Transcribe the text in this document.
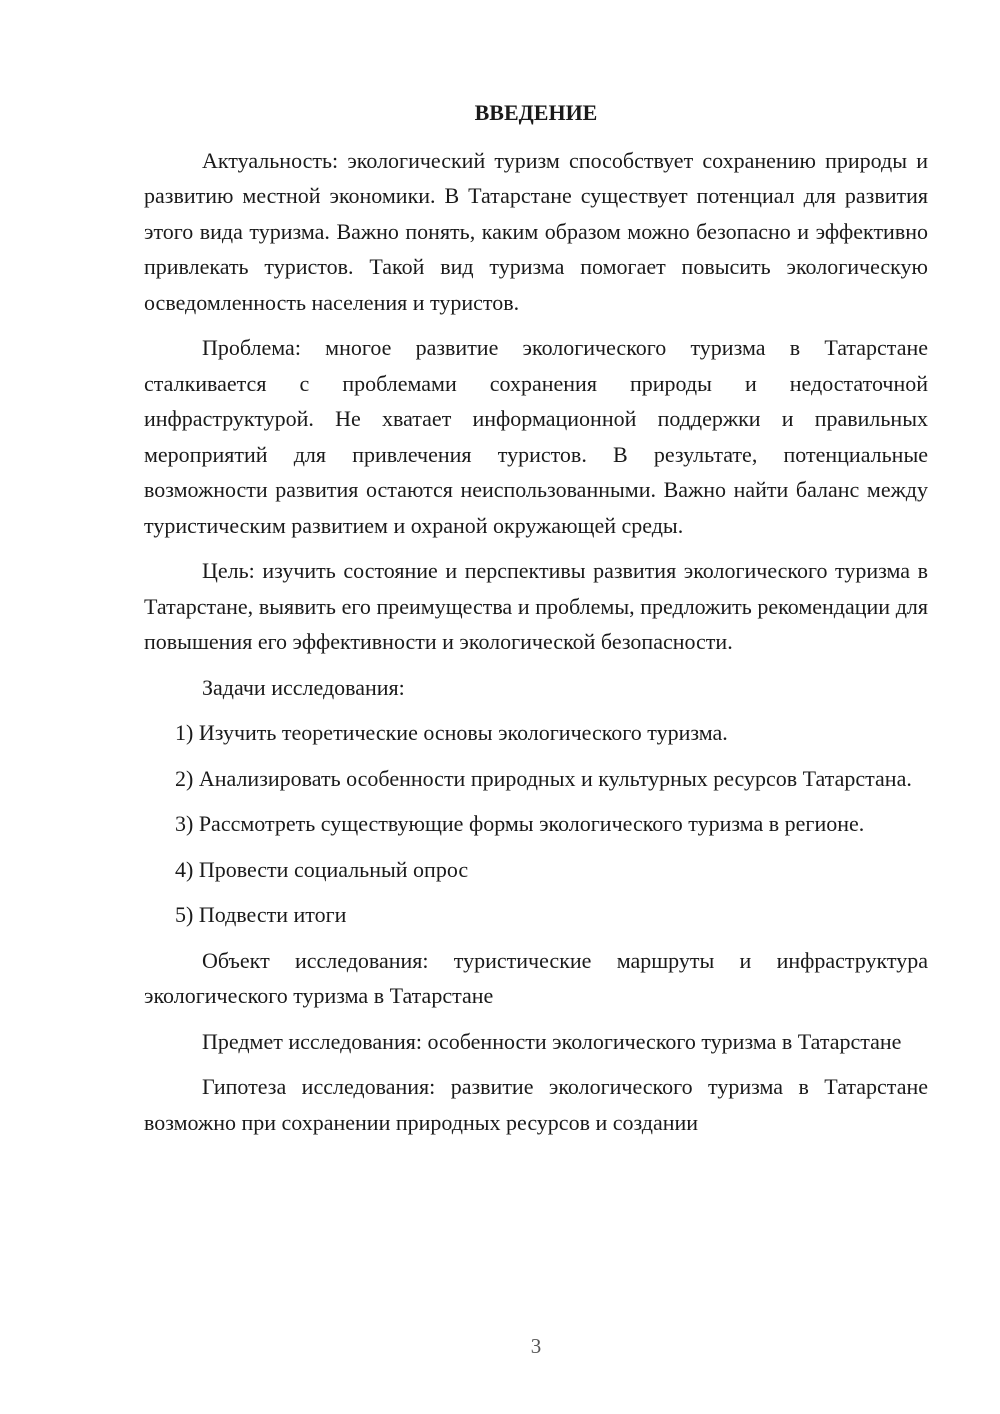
ВВЕДЕНИЕ

Актуальность: экологический туризм способствует сохранению природы и развитию местной экономики. В Татарстане существует потенциал для развития этого вида туризма. Важно понять, каким образом можно безопасно и эффективно привлекать туристов. Такой вид туризма помогает повысить экологическую осведомленность населения и туристов.

Проблема: многое развитие экологического туризма в Татарстане сталкивается с проблемами сохранения природы и недостаточной инфраструктурой. Не хватает информационной поддержки и правильных мероприятий для привлечения туристов. В результате, потенциальные возможности развития остаются неиспользованными. Важно найти баланс между туристическим развитием и охраной окружающей среды.

Цель: изучить состояние и перспективы развития экологического туризма в Татарстане, выявить его преимущества и проблемы, предложить рекомендации для повышения его эффективности и экологической безопасности.

Задачи исследования:

1) Изучить теоретические основы экологического туризма.

2) Анализировать особенности природных и культурных ресурсов Татарстана.

3) Рассмотреть существующие формы экологического туризма в регионе.

4) Провести социальный опрос

5) Подвести итоги

Объект исследования: туристические маршруты и инфраструктура экологического туризма в Татарстане

Предмет исследования: особенности экологического туризма в Татарстане

Гипотеза исследования: развитие экологического туризма в Татарстане возможно при сохранении природных ресурсов и создании

3
